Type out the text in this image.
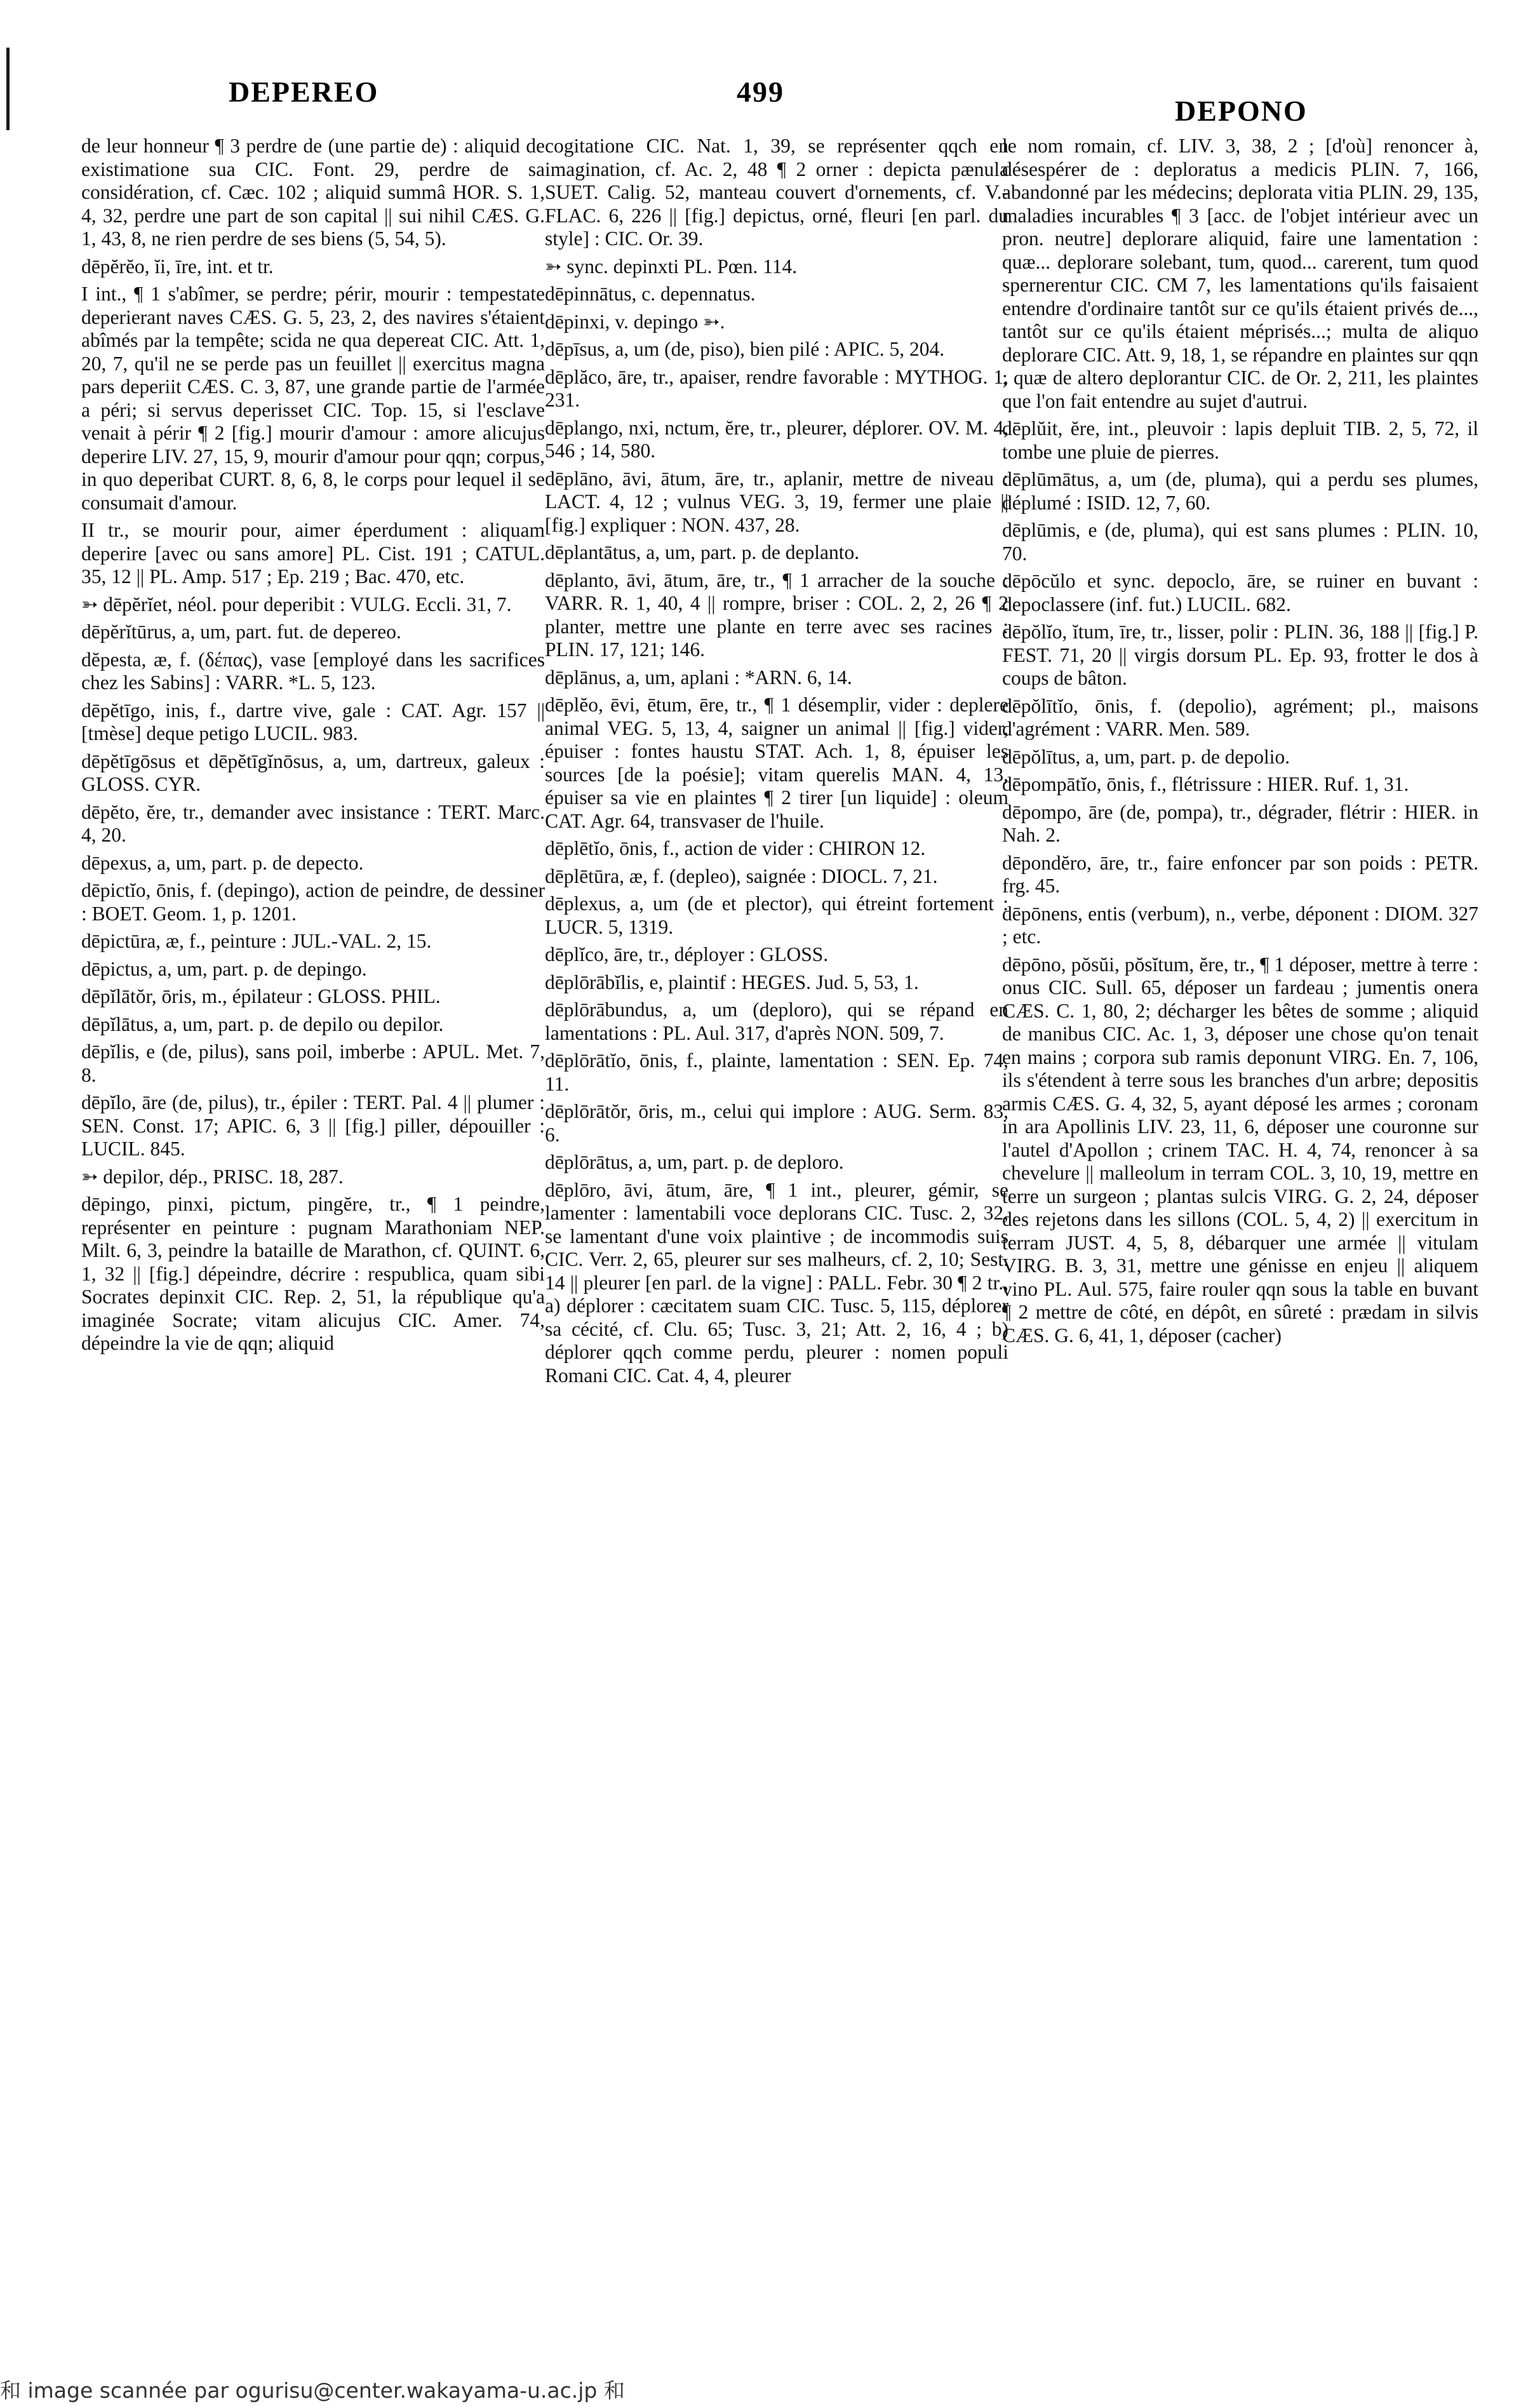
DEPEREO	499
DEPONO

de leur honneur ¶ 3 perdre de (une partie de) : aliquid de existimatione sua CIC. Font. 29, perdre de sa considération, cf. Cæc. 102 ; aliquid summâ HOR. S. 1, 4, 32, perdre une part de son capital || sui nihil CÆS. G. 1, 43, 8, ne rien perdre de ses biens (5, 54, 5).

dēpĕrĕo, ĭi, īre, int. et tr.

I int., ¶ 1 s'abîmer, se perdre; périr, mourir : tempestate deperierant naves CÆS. G. 5, 23, 2, des navires s'étaient abîmés par la tempête; scida ne qua depereat CIC. Att. 1, 20, 7, qu'il ne se perde pas un feuillet || exercitus magna pars deperiit CÆS. C. 3, 87, une grande partie de l'armée a péri; si servus deperisset CIC. Top. 15, si l'esclave venait à périr ¶ 2 [fig.] mourir d'amour : amore alicujus deperire LIV. 27, 15, 9, mourir d'amour pour qqn; corpus, in quo deperibat CURT. 8, 6, 8, le corps pour lequel il se consumait d'amour.

II tr., se mourir pour, aimer éperdument : aliquam deperire [avec ou sans amore] PL. Cist. 191 ; CATUL. 35, 12 || PL. Amp. 517 ; Ep. 219 ; Bac. 470, etc.

➳ dēpĕrĭet, néol. pour deperibit : VULG. Eccli. 31, 7.

dēpĕrĭtūrus, a, um, part. fut. de depereo.

dĕpesta, æ, f. (δέπας), vase [employé dans les sacrifices chez les Sabins] : VARR. *L. 5, 123.

dēpĕtīgo, inis, f., dartre vive, gale : CAT. Agr. 157 || [tmèse] deque petigo LUCIL. 983.

dēpĕtīgōsus et dēpĕtīgĭnōsus, a, um, dartreux, galeux : GLOSS. CYR.

dēpĕto, ĕre, tr., demander avec insistance : TERT. Marc. 4, 20.

dēpexus, a, um, part. p. de depecto.

dēpictĭo, ōnis, f. (depingo), action de peindre, de dessiner : BOET. Geom. 1, p. 1201.

dēpictūra, æ, f., peinture : JUL.-VAL. 2, 15.

dēpictus, a, um, part. p. de depingo.

dēpĭlātŏr, ōris, m., épilateur : GLOSS. PHIL.

dēpĭlātus, a, um, part. p. de depilo ou depilor.

dēpĭlis, e (de, pilus), sans poil, imberbe : APUL. Met. 7, 8.

dēpĭlo, āre (de, pilus), tr., épiler : TERT. Pal. 4 || plumer : SEN. Const. 17; APIC. 6, 3 || [fig.] piller, dépouiller : LUCIL. 845.

➳ depilor, dép., PRISC. 18, 287.

dēpingo, pinxi, pictum, pingĕre, tr., ¶ 1 peindre, représenter en peinture : pugnam Marathoniam NEP. Milt. 6, 3, peindre la bataille de Marathon, cf. QUINT. 6, 1, 32 || [fig.] dépeindre, décrire : respublica, quam sibi Socrates depinxit CIC. Rep. 2, 51, la république qu'a imaginée Socrate; vitam alicujus CIC. Amer. 74, dépeindre la vie de qqn; aliquid

cogitatione CIC. Nat. 1, 39, se représenter qqch en imagination, cf. Ac. 2, 48 ¶ 2 orner : depicta pænula SUET. Calig. 52, manteau couvert d'ornements, cf. V.-FLAC. 6, 226 || [fig.] depictus, orné, fleuri [en parl. du style] : CIC. Or. 39.

➳ sync. depinxti PL. Pœn. 114.

dēpinnātus, c. depennatus.

dēpinxi, v. depingo ➳.

dēpīsus, a, um (de, piso), bien pilé : APIC. 5, 204.

dēplăco, āre, tr., apaiser, rendre favorable : MYTHOG. 1, 231.

dēplango, nxi, nctum, ĕre, tr., pleurer, déplorer. OV. M. 4, 546 ; 14, 580.

dēplāno, āvi, ātum, āre, tr., aplanir, mettre de niveau : LACT. 4, 12 ; vulnus VEG. 3, 19, fermer une plaie || [fig.] expliquer : NON. 437, 28.

dēplantātus, a, um, part. p. de deplanto.

dēplanto, āvi, ātum, āre, tr., ¶ 1 arracher de la souche : VARR. R. 1, 40, 4 || rompre, briser : COL. 2, 2, 26 ¶ 2 planter, mettre une plante en terre avec ses racines : PLIN. 17, 121; 146.

dēplānus, a, um, aplani : *ARN. 6, 14.

dēplĕo, ēvi, ētum, ēre, tr., ¶ 1 désemplir, vider : deplere animal VEG. 5, 13, 4, saigner un animal || [fig.] vider, épuiser : fontes haustu STAT. Ach. 1, 8, épuiser les sources [de la poésie]; vitam querelis MAN. 4, 13, épuiser sa vie en plaintes ¶ 2 tirer [un liquide] : oleum CAT. Agr. 64, transvaser de l'huile.

dēplētĭo, ōnis, f., action de vider : CHIRON 12.

dēplētūra, æ, f. (depleo), saignée : DIOCL. 7, 21.

dēplexus, a, um (de et plector), qui étreint fortement : LUCR. 5, 1319.

dēplĭco, āre, tr., déployer : GLOSS.

dēplōrābĭlis, e, plaintif : HEGES. Jud. 5, 53, 1.

dēplōrābundus, a, um (deploro), qui se répand en lamentations : PL. Aul. 317, d'après NON. 509, 7.

dēplōrātĭo, ōnis, f., plainte, lamentation : SEN. Ep. 74, 11.

dēplōrātŏr, ōris, m., celui qui implore : AUG. Serm. 83, 6.

dēplōrātus, a, um, part. p. de deploro.

dēplōro, āvi, ātum, āre, ¶ 1 int., pleurer, gémir, se lamenter : lamentabili voce deplorans CIC. Tusc. 2, 32, se lamentant d'une voix plaintive ; de incommodis suis CIC. Verr. 2, 65, pleurer sur ses malheurs, cf. 2, 10; Sest. 14 || pleurer [en parl. de la vigne] : PALL. Febr. 30 ¶ 2 tr., a) déplorer : cæcitatem suam CIC. Tusc. 5, 115, déplorer sa cécité, cf. Clu. 65; Tusc. 3, 21; Att. 2, 16, 4 ; b) déplorer qqch comme perdu, pleurer : nomen populi Romani CIC. Cat. 4, 4, pleurer

le nom romain, cf. LIV. 3, 38, 2 ; [d'où] renoncer à, désespérer de : deploratus a medicis PLIN. 7, 166, abandonné par les médecins; deplorata vitia PLIN. 29, 135, maladies incurables ¶ 3 [acc. de l'objet intérieur avec un pron. neutre] deplorare aliquid, faire une lamentation : quæ... deplorare solebant, tum, quod... carerent, tum quod spernerentur CIC. CM 7, les lamentations qu'ils faisaient entendre d'ordinaire tantôt sur ce qu'ils étaient privés de..., tantôt sur ce qu'ils étaient méprisés...; multa de aliquo deplorare CIC. Att. 9, 18, 1, se répandre en plaintes sur qqn ; quæ de altero deplorantur CIC. de Or. 2, 211, les plaintes que l'on fait entendre au sujet d'autrui.

dēplŭit, ĕre, int., pleuvoir : lapis depluit TIB. 2, 5, 72, il tombe une pluie de pierres.

dēplūmātus, a, um (de, pluma), qui a perdu ses plumes, déplumé : ISID. 12, 7, 60.

dēplūmis, e (de, pluma), qui est sans plumes : PLIN. 10, 70.

dēpōcŭlo et sync. depoclo, āre, se ruiner en buvant : depoclassere (inf. fut.) LUCIL. 682.

dēpŏlĭo, ĭtum, īre, tr., lisser, polir : PLIN. 36, 188 || [fig.] P. FEST. 71, 20 || virgis dorsum PL. Ep. 93, frotter le dos à coups de bâton.

dēpŏlītĭo, ōnis, f. (depolio), agrément; pl., maisons d'agrément : VARR. Men. 589.

dēpŏlītus, a, um, part. p. de depolio.

dēpompātĭo, ōnis, f., flétrissure : HIER. Ruf. 1, 31.

dēpompo, āre (de, pompa), tr., dégrader, flétrir : HIER. in Nah. 2.

dēpondĕro, āre, tr., faire enfoncer par son poids : PETR. frg. 45.

dēpōnens, entis (verbum), n., verbe, déponent : DIOM. 327 ; etc.

dēpōno, pŏsŭi, pŏsĭtum, ĕre, tr., ¶ 1 déposer, mettre à terre : onus CIC. Sull. 65, déposer un fardeau ; jumentis onera CÆS. C. 1, 80, 2; décharger les bêtes de somme ; aliquid de manibus CIC. Ac. 1, 3, déposer une chose qu'on tenait en mains ; corpora sub ramis deponunt VIRG. En. 7, 106, ils s'étendent à terre sous les branches d'un arbre; depositis armis CÆS. G. 4, 32, 5, ayant déposé les armes ; coronam in ara Apollinis LIV. 23, 11, 6, déposer une couronne sur l'autel d'Apollon ; crinem TAC. H. 4, 74, renoncer à sa chevelure || malleolum in terram COL. 3, 10, 19, mettre en terre un surgeon ; plantas sulcis VIRG. G. 2, 24, déposer des rejetons dans les sillons (COL. 5, 4, 2) || exercitum in terram JUST. 4, 5, 8, débarquer une armée || vitulam VIRG. B. 3, 31, mettre une génisse en enjeu || aliquem vino PL. Aul. 575, faire rouler qqn sous la table en buvant ¶ 2 mettre de côté, en dépôt, en sûreté : prædam in silvis CÆS. G. 6, 41, 1, déposer (cacher)

和 image scannée par ogurisu@center.wakayama-u.ac.jp 和
